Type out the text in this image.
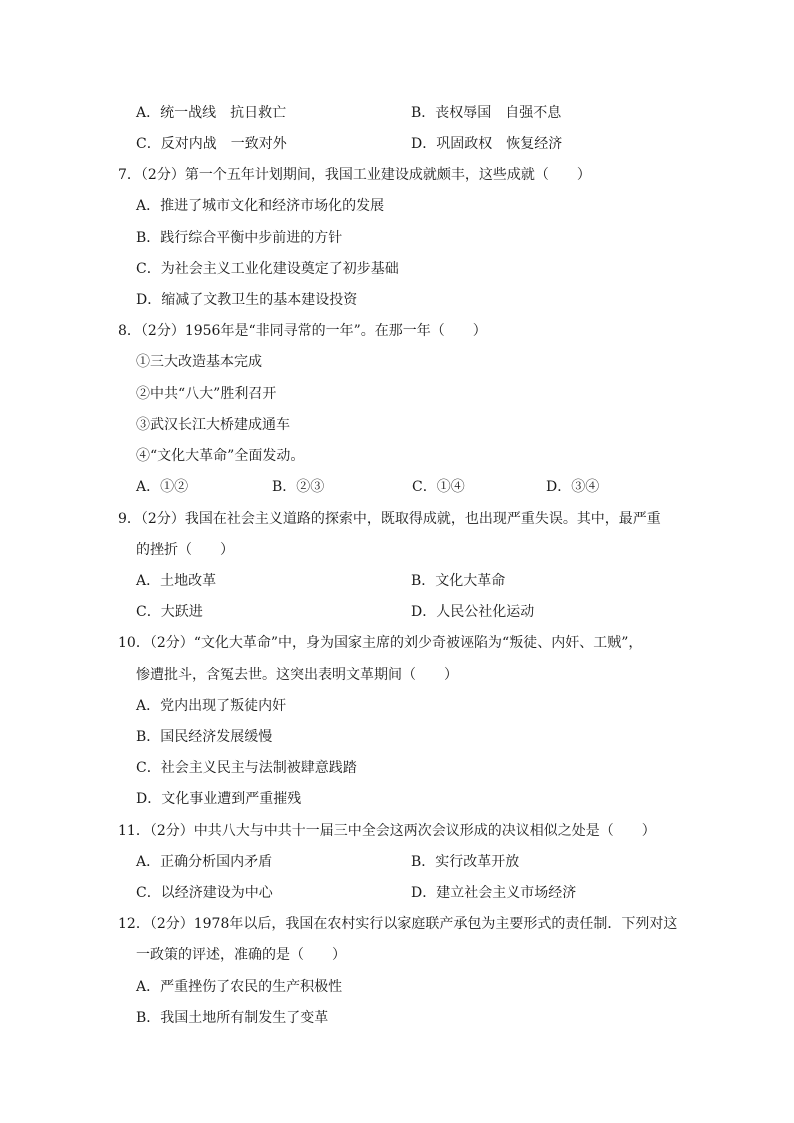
A．统一战线　抗日救亡	B．丧权辱国　自强不息
C．反对内战　一致对外	D．巩固政权　恢复经济
7．（2分）第一个五年计划期间，我国工业建设成就颇丰，这些成就（　　）
A．推进了城市文化和经济市场化的发展
B．践行综合平衡中步前进的方针
C．为社会主义工业化建设奠定了初步基础
D．缩减了文教卫生的基本建设投资
8．（2分）1956年是“非同寻常的一年”。在那一年（　　）
①三大改造基本完成
②中共“八大”胜利召开
③武汉长江大桥建成通车
④“文化大革命”全面发动。
A．①②	B．②③	C．①④	D．③④
9．（2分）我国在社会主义道路的探索中，既取得成就，也出现严重失误。其中，最严重
的挫折（　　）
A．土地改革	B．文化大革命
C．大跃进	D．人民公社化运动
10．（2分）“文化大革命”中，身为国家主席的刘少奇被诬陷为“叛徒、内奸、工贼”，
惨遭批斗，含冤去世。这突出表明文革期间（　　）
A．党内出现了叛徒内奸
B．国民经济发展缓慢
C．社会主义民主与法制被肆意践踏
D．文化事业遭到严重摧残
11．（2分）中共八大与中共十一届三中全会这两次会议形成的决议相似之处是（　　）
A．正确分析国内矛盾	B．实行改革开放
C．以经济建设为中心	D．建立社会主义市场经济
12．（2分）1978年以后，我国在农村实行以家庭联产承包为主要形式的责任制．下列对这
一政策的评述，准确的是（　　）
A．严重挫伤了农民的生产积极性
B．我国土地所有制发生了变革
